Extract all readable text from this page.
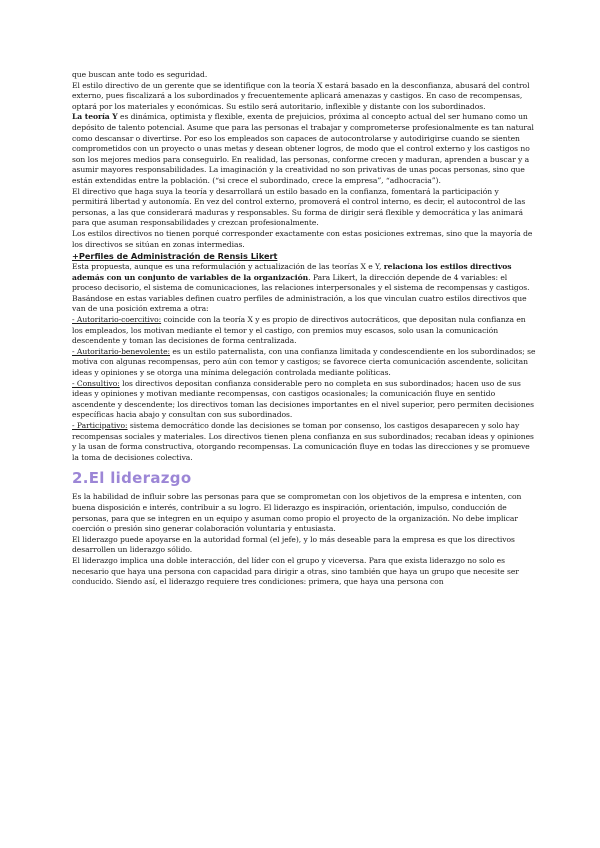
que buscan ante todo es seguridad.

El estilo directivo de un gerente que se identifique con la teoría X estará basado en la desconfianza, abusará del control externo, pues fiscalizará a los subordinados y frecuentemente aplicará amenazas y castigos. En caso de recompensas, optará por los materiales y económicas. Su estilo será autoritario, inflexible y distante con los subordinados.

La teoría Y es dinámica, optimista y flexible, exenta de prejuicios, próxima al concepto actual del ser humano como un depósito de talento potencial. Asume que para las personas el trabajar y comprometerse profesionalmente es tan natural como descansar o divertirse. Por eso los empleados son capaces de autocontrolarse y autodirigirse cuando se sienten comprometidos con un proyecto o unas metas y desean obtener logros, de modo que el control externo y los castigos no son los mejores medios para conseguirlo. En realidad, las personas, conforme crecen y maduran, aprenden a buscar y a asumir mayores responsabilidades. La imaginación y la creatividad no son privativas de unas pocas personas, sino que están extendidas entre la población. (“si crece el subordinado, crece la empresa”, “adhocracia”).

El directivo que haga suya la teoría y desarrollará un estilo basado en la confianza, fomentará la participación y permitirá libertad y autonomía. En vez del control externo, promoverá el control interno, es decir, el autocontrol de las personas, a las que considerará maduras y responsables. Su forma de dirigir será flexible y democrática y las animará para que asuman responsabilidades y crezcan profesionalmente.

Los estilos directivos no tienen porqué corresponder exactamente con estas posiciones extremas, sino que la mayoría de los directivos se sitúan en zonas intermedias.

+Perfiles de Administración de Rensis Likert

Esta propuesta, aunque es una reformulación y actualización de las teorías X e Y, relaciona los estilos directivos además con un conjunto de variables de la organización. Para Likert, la dirección depende de 4 variables: el proceso decisorio, el sistema de comunicaciones, las relaciones interpersonales y el sistema de recompensas y castigos. Basándose en estas variables definen cuatro perfiles de administración, a los que vinculan cuatro estilos directivos que van de una posición extrema a otra:

- Autoritario-coercitivo: coincide con la teoría X y es propio de directivos autocráticos, que depositan nula confianza en los empleados, los motivan mediante el temor y el castigo, con premios muy escasos, solo usan la comunicación descendente y toman las decisiones de forma centralizada.

- Autoritario-benevolente: es un estilo paternalista, con una confianza limitada y condescendiente en los subordinados; se motiva con algunas recompensas, pero aún con temor y castigos; se favorece cierta comunicación ascendente, solicitan ideas y opiniones y se otorga una mínima delegación controlada mediante políticas.

- Consultivo: los directivos depositan confianza considerable pero no completa en sus subordinados; hacen uso de sus ideas y opiniones y motivan mediante recompensas, con castigos ocasionales; la comunicación fluye en sentido ascendente y descendente; los directivos toman las decisiones importantes en el nivel superior, pero permiten decisiones específicas hacia abajo y consultan con sus subordinados.

- Participativo: sistema democrático donde las decisiones se toman por consenso, los castigos desaparecen y solo hay recompensas sociales y materiales. Los directivos tienen plena confianza en sus subordinados; recaban ideas y opiniones y la usan de forma constructiva, otorgando recompensas. La comunicación fluye en todas las direcciones y se promueve la toma de decisiones colectiva.

2.El liderazgo

Es la habilidad de influir sobre las personas para que se comprometan con los objetivos de la empresa e intenten, con buena disposición e interés, contribuir a su logro. El liderazgo es inspiración, orientación, impulso, conducción de personas, para que se integren en un equipo y asuman como propio el proyecto de la organización. No debe implicar coerción o presión sino generar colaboración voluntaria y entusiasta.

El liderazgo puede apoyarse en la autoridad formal (el jefe), y lo más deseable para la empresa es que los directivos desarrollen un liderazgo sólido.

El liderazgo implica una doble interacción, del líder con el grupo y viceversa. Para que exista liderazgo no solo es necesario que haya una persona con capacidad para dirigir a otras, sino también que haya un grupo que necesite ser conducido. Siendo así, el liderazgo requiere tres condiciones: primera, que haya una persona con
